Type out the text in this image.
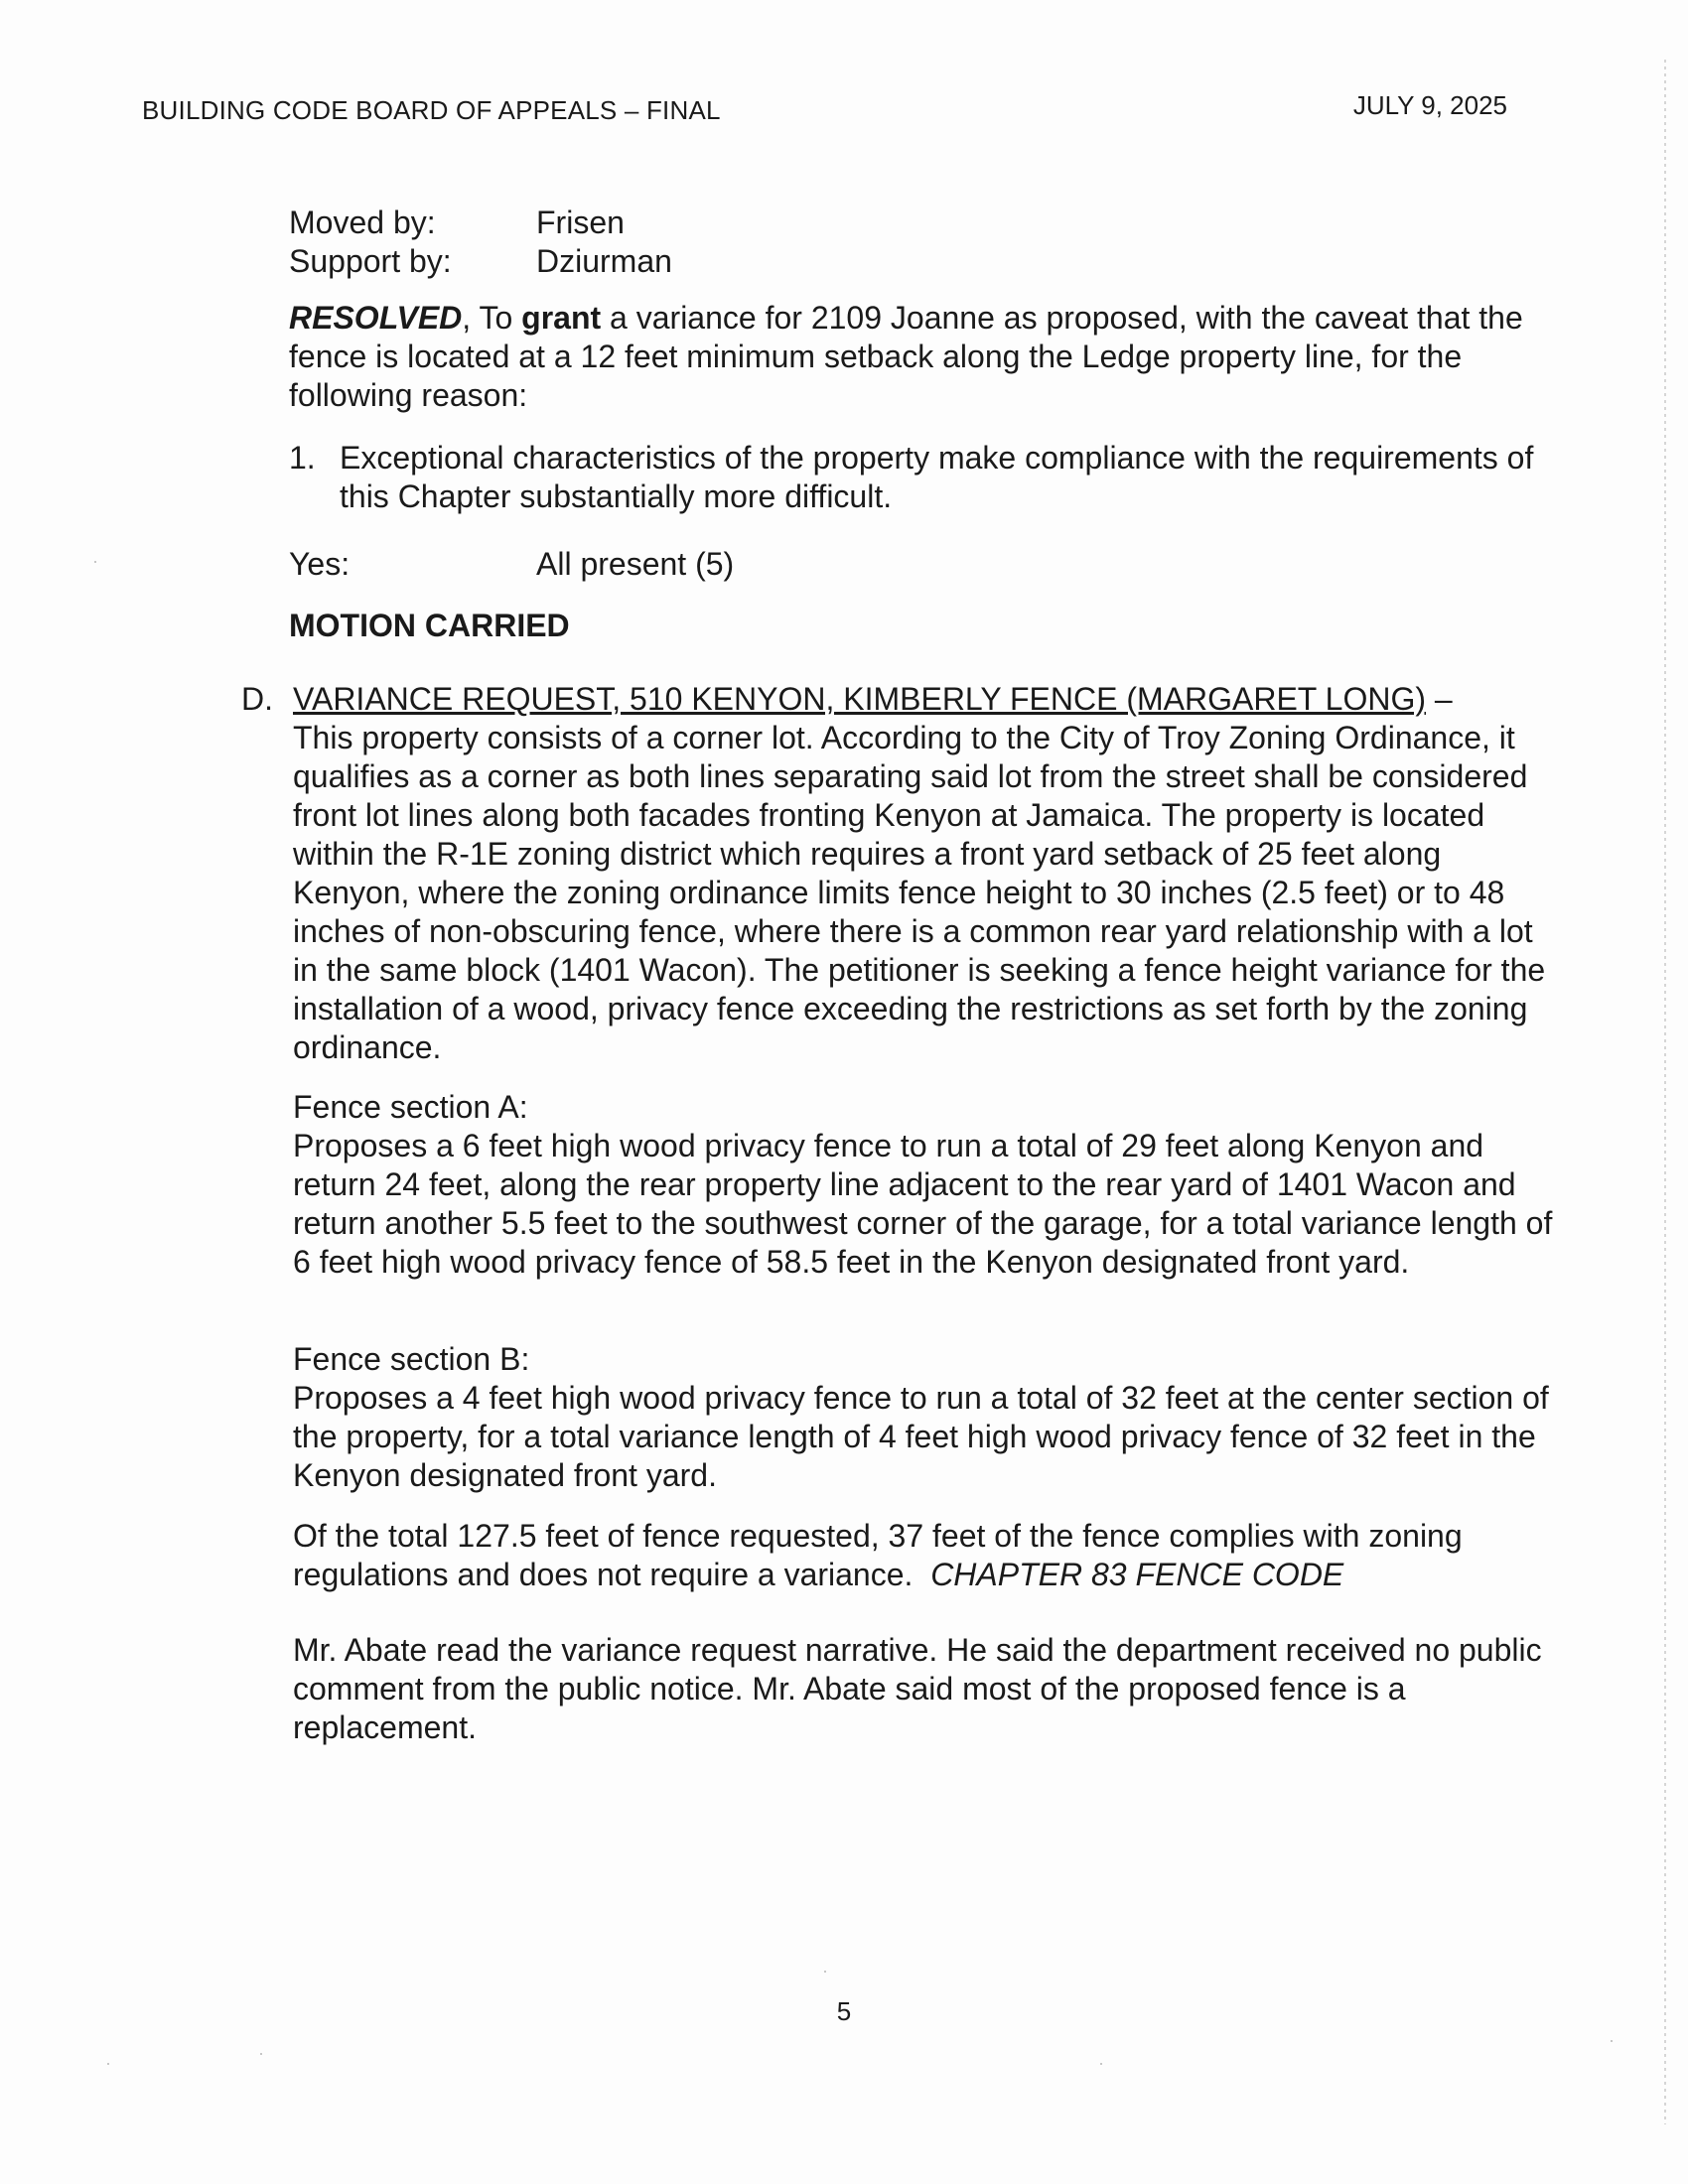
BUILDING CODE BOARD OF APPEALS – FINAL	JULY 9, 2025
Moved by:	Frisen
Support by:	Dziurman
RESOLVED, To grant a variance for 2109 Joanne as proposed, with the caveat that the fence is located at a 12 feet minimum setback along the Ledge property line, for the following reason:
1. Exceptional characteristics of the property make compliance with the requirements of this Chapter substantially more difficult.
Yes:	All present (5)
MOTION CARRIED
D. VARIANCE REQUEST, 510 KENYON, KIMBERLY FENCE (MARGARET LONG) –
This property consists of a corner lot. According to the City of Troy Zoning Ordinance, it qualifies as a corner as both lines separating said lot from the street shall be considered front lot lines along both facades fronting Kenyon at Jamaica. The property is located within the R-1E zoning district which requires a front yard setback of 25 feet along Kenyon, where the zoning ordinance limits fence height to 30 inches (2.5 feet) or to 48 inches of non-obscuring fence, where there is a common rear yard relationship with a lot in the same block (1401 Wacon). The petitioner is seeking a fence height variance for the installation of a wood, privacy fence exceeding the restrictions as set forth by the zoning ordinance.
Fence section A:
Proposes a 6 feet high wood privacy fence to run a total of 29 feet along Kenyon and return 24 feet, along the rear property line adjacent to the rear yard of 1401 Wacon and return another 5.5 feet to the southwest corner of the garage, for a total variance length of 6 feet high wood privacy fence of 58.5 feet in the Kenyon designated front yard.
Fence section B:
Proposes a 4 feet high wood privacy fence to run a total of 32 feet at the center section of the property, for a total variance length of 4 feet high wood privacy fence of 32 feet in the Kenyon designated front yard.
Of the total 127.5 feet of fence requested, 37 feet of the fence complies with zoning regulations and does not require a variance. CHAPTER 83 FENCE CODE
Mr. Abate read the variance request narrative. He said the department received no public comment from the public notice. Mr. Abate said most of the proposed fence is a replacement.
5
